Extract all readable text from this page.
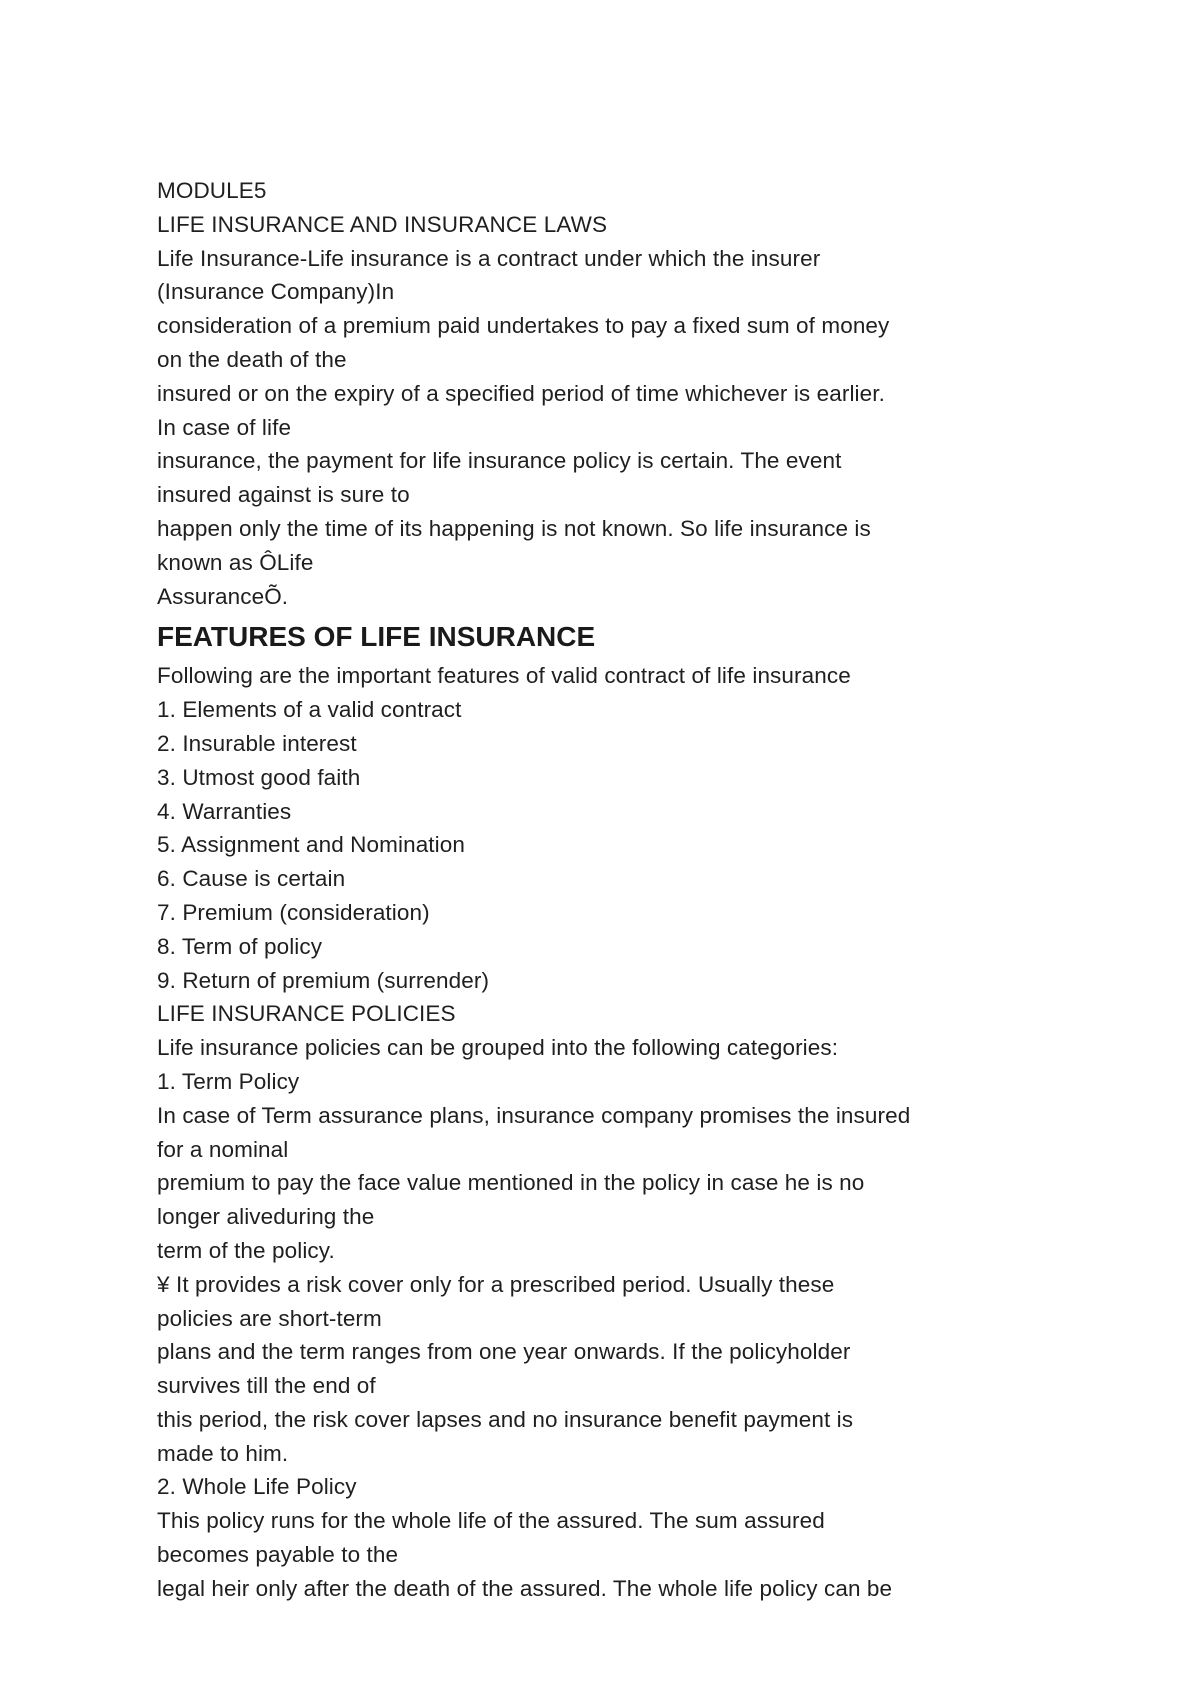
MODULE5
LIFE INSURANCE AND INSURANCE LAWS
Life Insurance-Life insurance is a contract under which the insurer
(Insurance Company)In
consideration of a premium paid undertakes to pay a fixed sum of money
on the death of the
insured or on the expiry of a specified period of time whichever is earlier.
In case of life
insurance, the payment for life insurance policy is certain. The event
insured against is sure to
happen only the time of its happening is not known. So life insurance is
known as ÔLife
AssuranceÕ.
FEATURES OF LIFE INSURANCE
Following are the important features of valid contract of life insurance
1. Elements of a valid contract
2. Insurable interest
3. Utmost good faith
4. Warranties
5. Assignment and Nomination
6. Cause is certain
7. Premium (consideration)
8. Term of policy
9. Return of premium (surrender)
LIFE INSURANCE POLICIES
Life insurance policies can be grouped into the following categories:
1. Term Policy
In case of Term assurance plans, insurance company promises the insured
for a nominal
premium to pay the face value mentioned in the policy in case he is no
longer aliveduring the
term of the policy.
¥ It provides a risk cover only for a prescribed period. Usually these
policies are short-term
plans and the term ranges from one year onwards. If the policyholder
survives till the end of
this period, the risk cover lapses and no insurance benefit payment is
made to him.
2. Whole Life Policy
This policy runs for the whole life of the assured. The sum assured
becomes payable to the
legal heir only after the death of the assured. The whole life policy can be
